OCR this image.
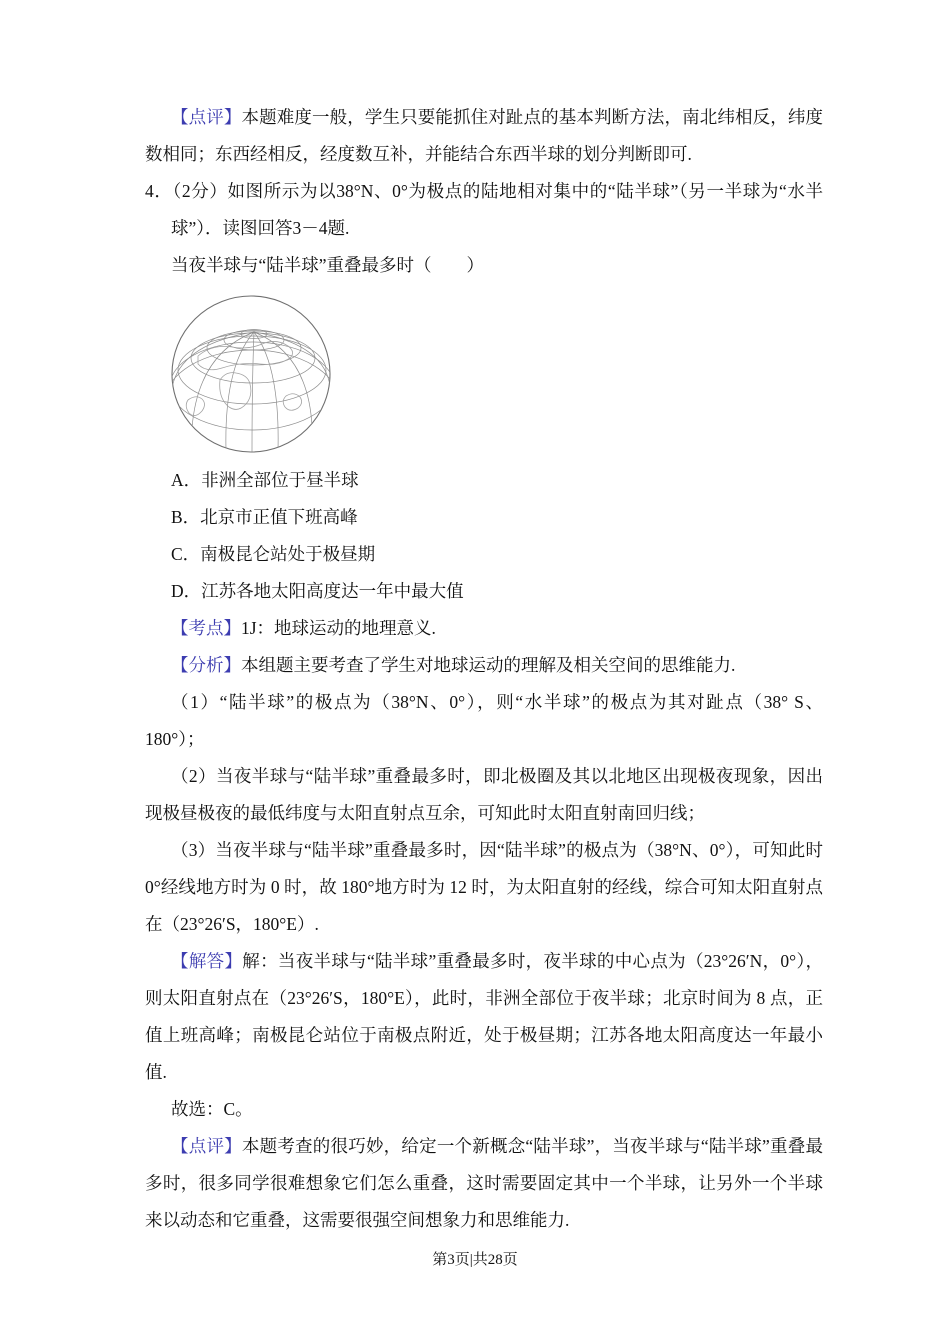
【点评】本题难度一般，学生只要能抓住对趾点的基本判断方法，南北纬相反，纬度数相同；东西经相反，经度数互补，并能结合东西半球的划分判断即可.

4．（2分）如图所示为以38°N、0°为极点的陆地相对集中的“陆半球”（另一半球为“水半球”）．读图回答3－4题.

当夜半球与“陆半球”重叠最多时（　　）

A．非洲全部位于昼半球

B．北京市正值下班高峰

C．南极昆仑站处于极昼期

D．江苏各地太阳高度达一年中最大值

【考点】1J：地球运动的地理意义.

【分析】本组题主要考查了学生对地球运动的理解及相关空间的思维能力.

（1）“陆半球”的极点为（38°N、0°），则“水半球”的极点为其对趾点（38° S、180°）；

（2）当夜半球与“陆半球”重叠最多时，即北极圈及其以北地区出现极夜现象，因出现极昼极夜的最低纬度与太阳直射点互余，可知此时太阳直射南回归线；

（3）当夜半球与“陆半球”重叠最多时，因“陆半球”的极点为（38°N、0°），可知此时 0°经线地方时为 0 时，故 180°地方时为 12 时，为太阳直射的经线，综合可知太阳直射点在（23°26′S，180°E）.

【解答】解：当夜半球与“陆半球”重叠最多时，夜半球的中心点为（23°26′N，0°），则太阳直射点在（23°26′S，180°E），此时，非洲全部位于夜半球；北京时间为 8 点，正值上班高峰；南极昆仑站位于南极点附近，处于极昼期；江苏各地太阳高度达一年最小值.

故选：C。

【点评】本题考查的很巧妙，给定一个新概念“陆半球”，当夜半球与“陆半球”重叠最多时，很多同学很难想象它们怎么重叠，这时需要固定其中一个半球，让另外一个半球来以动态和它重叠，这需要很强空间想象力和思维能力.

第3页|共28页
